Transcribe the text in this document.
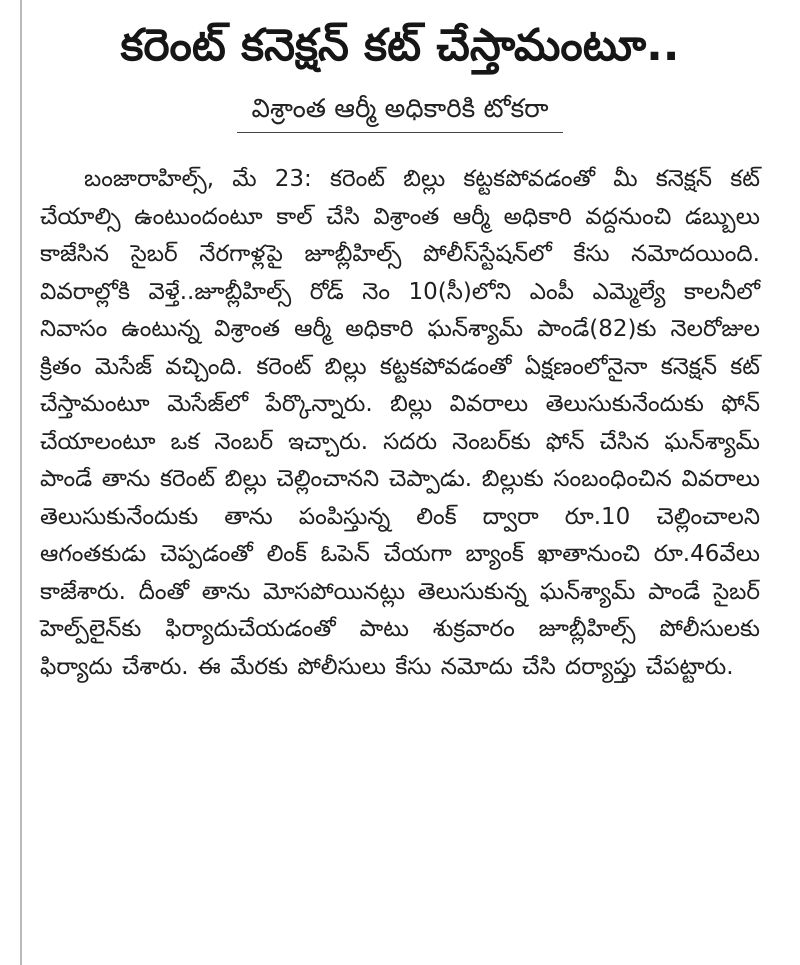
కరెంట్ కనెక్షన్ కట్ చేస్తామంటూ..
విశ్రాంత ఆర్మీ అధికారికి టోకరా

బంజారాహిల్స్, మే 23: కరెంట్ బిల్లు కట్టకపోవడంతో మీ కనెక్షన్ కట్ చేయాల్సి ఉంటుందంటూ కాల్ చేసి విశ్రాంత ఆర్మీ అధికారి వద్దనుంచి డబ్బులు కాజేసిన సైబర్ నేరగాళ్లపై జూబ్లీహిల్స్ పోలీస్‌స్టేషన్‌లో కేసు నమోదయింది. వివరాల్లోకి వెళ్తే..జూబ్లీహిల్స్ రోడ్ నెం 10(సీ)లోని ఎంపీ ఎమ్మెల్యే కాలనీలో నివాసం ఉంటున్న విశ్రాంత ఆర్మీ అధికారి ఘన్‌శ్యామ్ పాండే(82)కు నెలరోజుల క్రితం మెసేజ్ వచ్చింది. కరెంట్ బిల్లు కట్టకపోవడంతో ఏక్షణంలోనైనా కనెక్షన్ కట్ చేస్తామంటూ మెసేజ్‌లో పేర్కొన్నారు. బిల్లు వివరాలు తెలుసుకునేందుకు ఫోన్ చేయాలంటూ ఒక నెంబర్ ఇచ్చారు. సదరు నెంబర్‌కు ఫోన్ చేసిన ఘన్‌శ్యామ్ పాండే తాను కరెంట్ బిల్లు చెల్లించానని చెప్పాడు. బిల్లుకు సంబంధించిన వివరాలు తెలుసుకునేందుకు తాను పంపిస్తున్న లింక్ ద్వారా రూ.10 చెల్లించాలని ఆగంతకుడు చెప్పడంతో లింక్ ఓపెన్ చేయగా బ్యాంక్ ఖాతానుంచి రూ.46వేలు కాజేశారు. దీంతో తాను మోసపోయినట్లు తెలుసుకున్న ఘన్‌శ్యామ్ పాండే సైబర్ హెల్ప్‌లైన్‌కు ఫిర్యాదుచేయడంతో పాటు శుక్రవారం జూబ్లీహిల్స్ పోలీసులకు ఫిర్యాదు చేశారు. ఈ మేరకు పోలీసులు కేసు నమోదు చేసి దర్యాప్తు చేపట్టారు.
